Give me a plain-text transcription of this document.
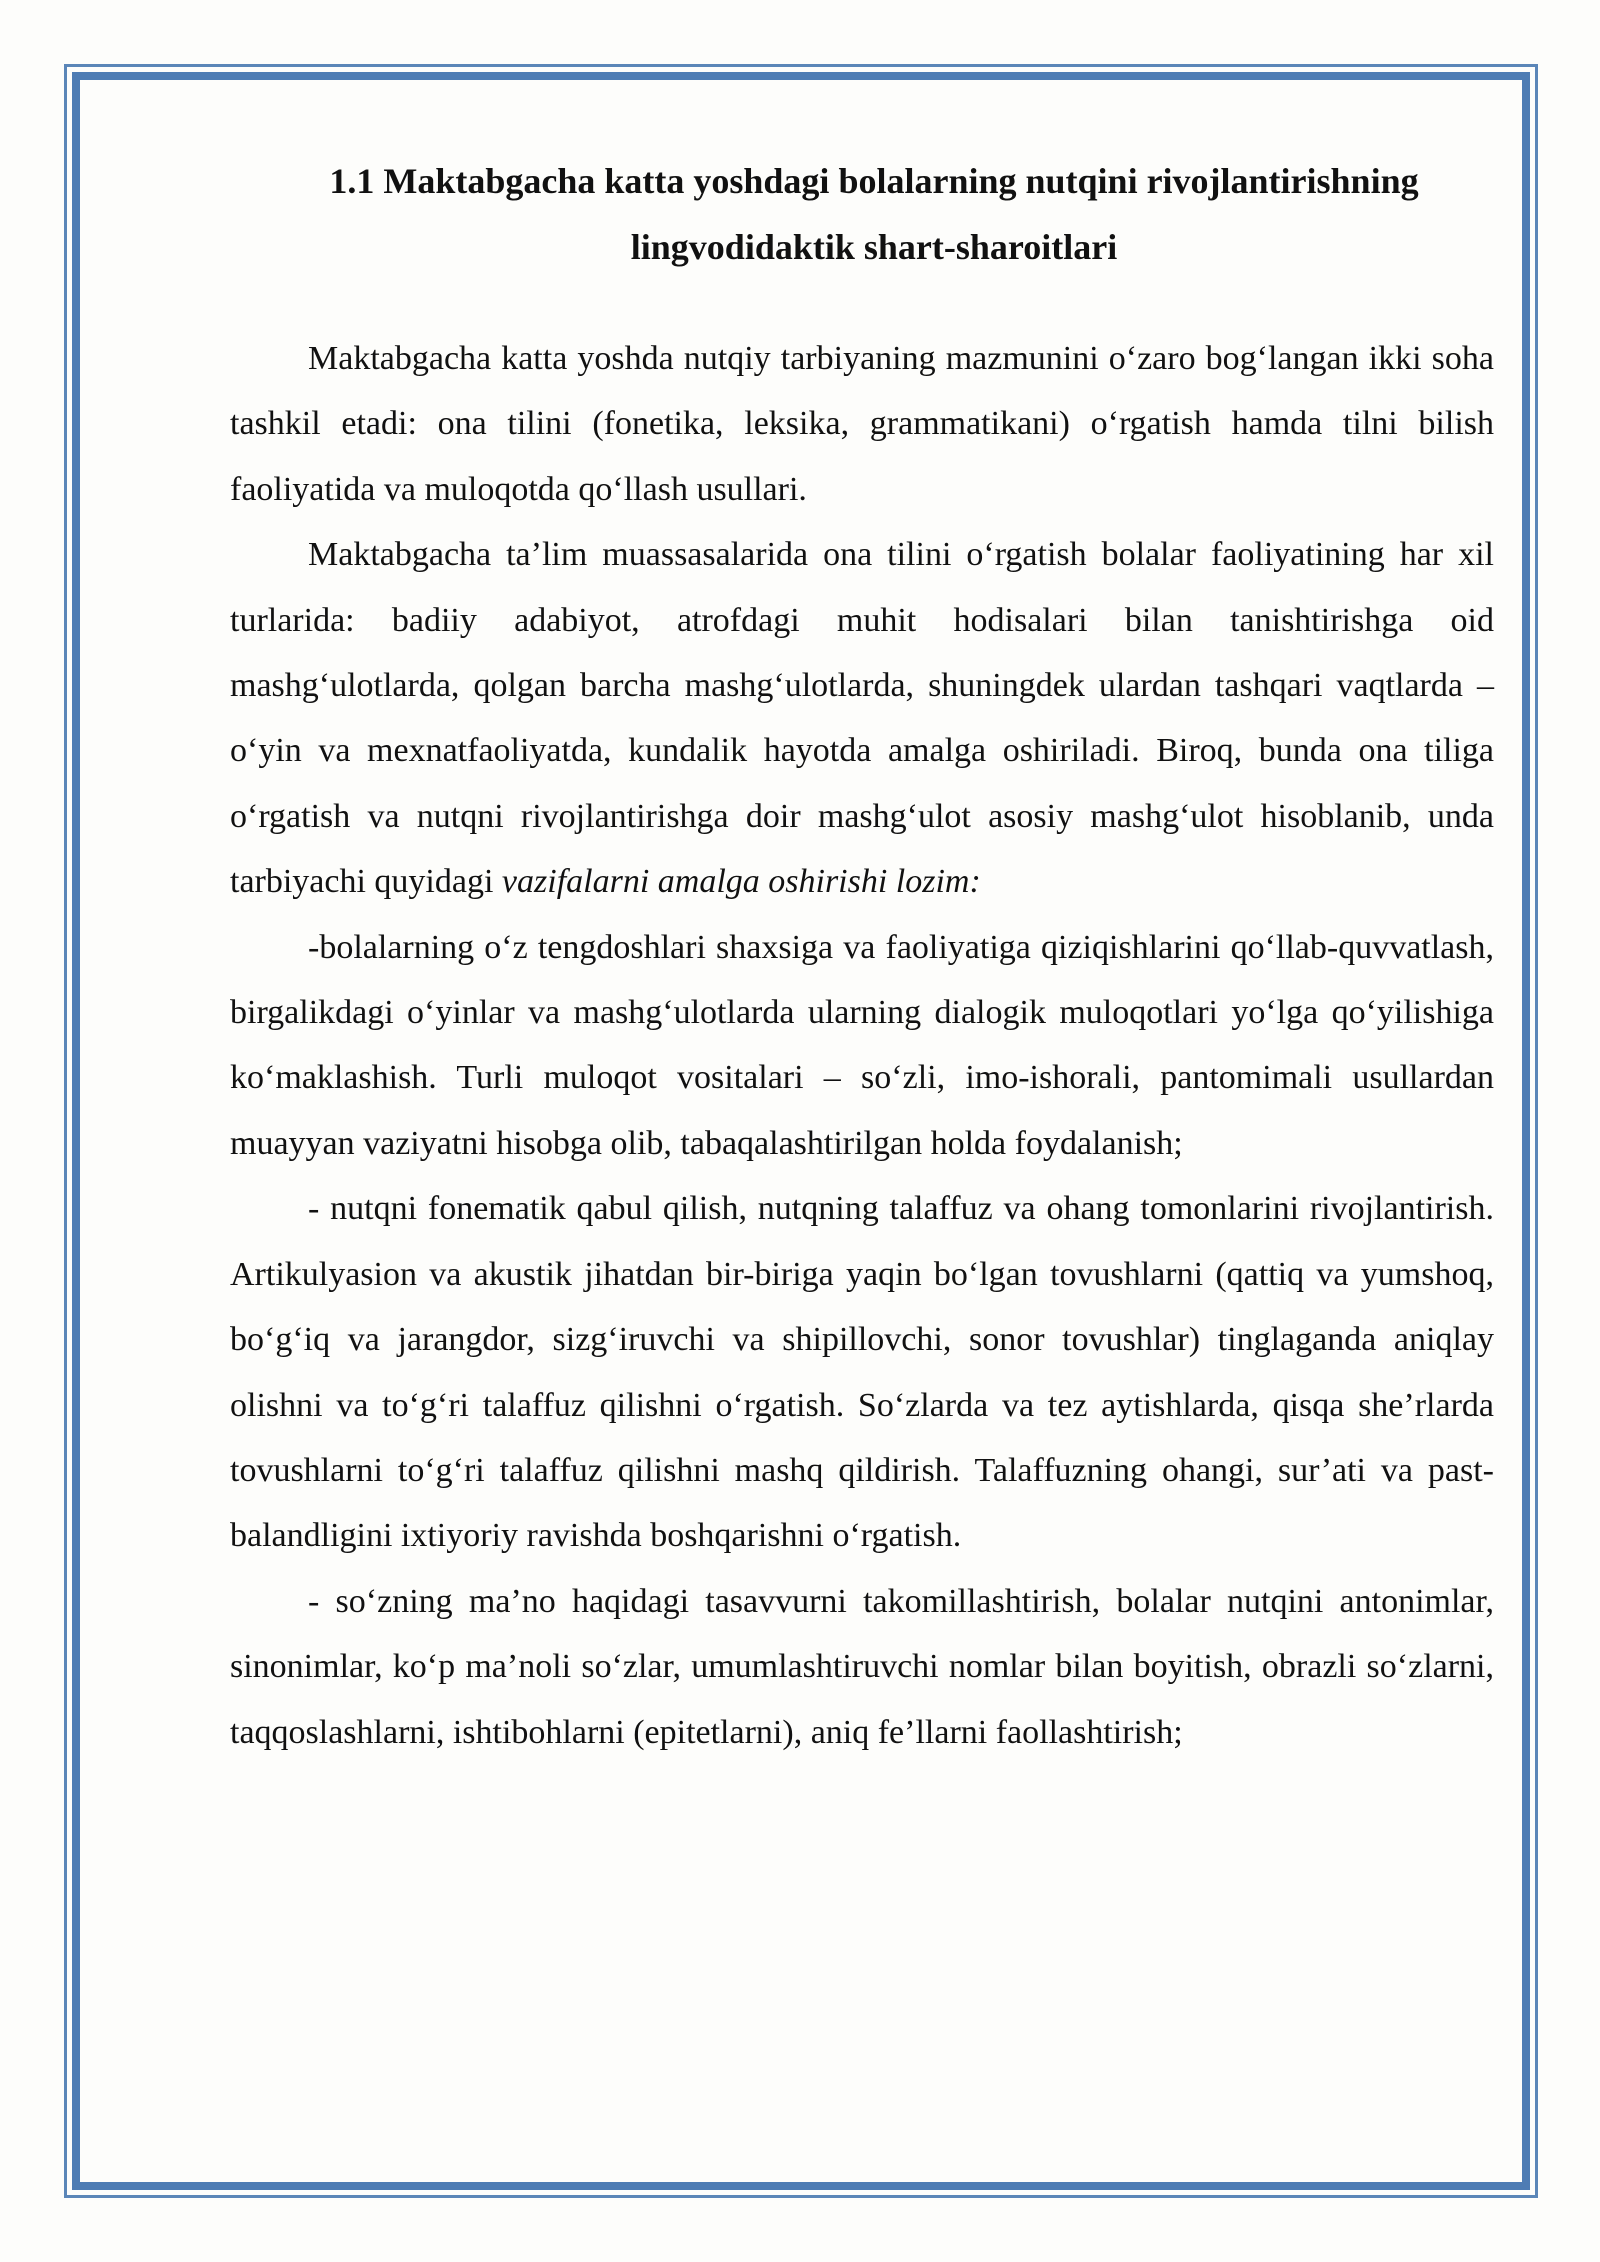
1.1 Maktabgacha katta yoshdagi bolalarning nutqini rivojlantirishning
lingvodidaktik shart-sharoitlari

Maktabgacha katta yoshda nutqiy tarbiyaning mazmunini o‘zaro bog‘langan ikki soha tashkil etadi: ona tilini (fonetika, leksika, grammatikani) o‘rgatish hamda tilni bilish faoliyatida va muloqotda qo‘llash usullari.

Maktabgacha ta’lim muassasalarida ona tilini o‘rgatish bolalar faoliyatining har xil turlarida: badiiy adabiyot, atrofdagi muhit hodisalari bilan tanishtirishga oid mashg‘ulotlarda, qolgan barcha mashg‘ulotlarda, shuningdek ulardan tashqari vaqtlarda – o‘yin va mexnatfaoliyatda, kundalik hayotda amalga oshiriladi. Biroq, bunda ona tiliga o‘rgatish va nutqni rivojlantirishga doir mashg‘ulot asosiy mashg‘ulot hisoblanib, unda tarbiyachi quyidagi vazifalarni amalga oshirishi lozim:

-bolalarning o‘z tengdoshlari shaxsiga va faoliyatiga qiziqishlarini qo‘llab-quvvatlash, birgalikdagi o‘yinlar va mashg‘ulotlarda ularning dialogik muloqotlari yo‘lga qo‘yilishiga ko‘maklashish. Turli muloqot vositalari – so‘zli, imo-ishorali, pantomimali usullardan muayyan vaziyatni hisobga olib, tabaqalashtirilgan holda foydalanish;

- nutqni fonematik qabul qilish, nutqning talaffuz va ohang tomonlarini rivojlantirish. Artikulyasion va akustik jihatdan bir-biriga yaqin bo‘lgan tovushlarni (qattiq va yumshoq, bo‘g‘iq va jarangdor, sizg‘iruvchi va shipillovchi, sonor tovushlar) tinglaganda aniqlay olishni va to‘g‘ri talaffuz qilishni o‘rgatish. So‘zlarda va tez aytishlarda, qisqa she’rlarda tovushlarni to‘g‘ri talaffuz qilishni mashq qildirish. Talaffuzning ohangi, sur’ati va past-balandligini ixtiyoriy ravishda boshqarishni o‘rgatish.

- so‘zning ma’no haqidagi tasavvurni takomillashtirish, bolalar nutqini antonimlar, sinonimlar, ko‘p ma’noli so‘zlar, umumlashtiruvchi nomlar bilan boyitish, obrazli so‘zlarni, taqqoslashlarni, ishtibohlarni (epitetlarni), aniq fe’llarni faollashtirish;
